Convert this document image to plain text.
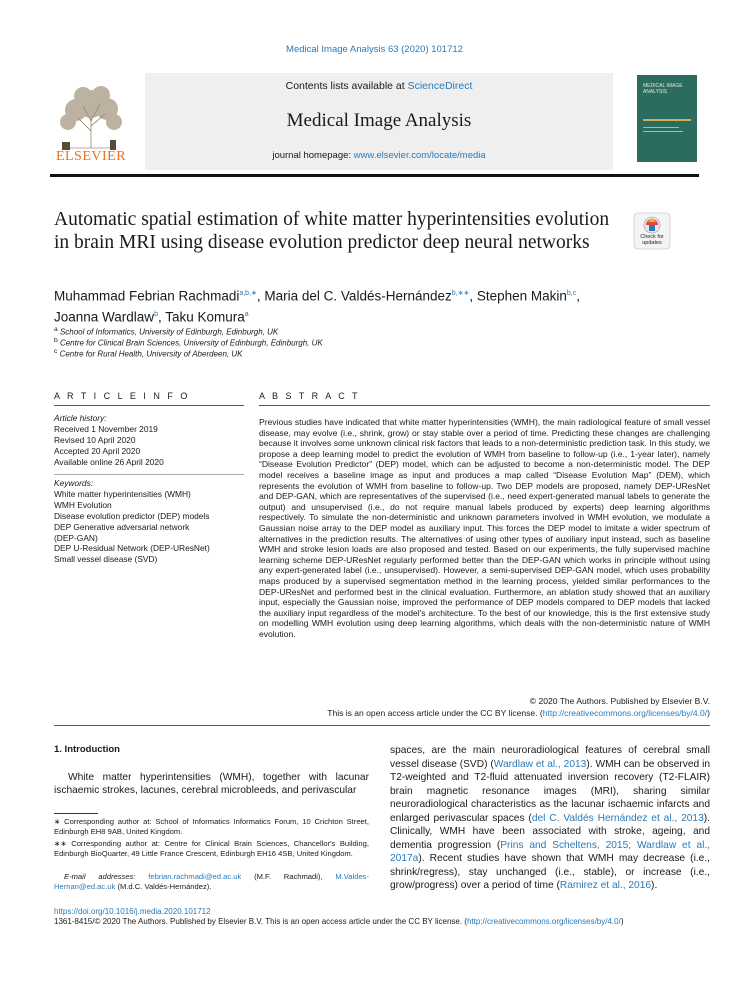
Medical Image Analysis 63 (2020) 101712
Contents lists available at ScienceDirect
Medical Image Analysis
journal homepage: www.elsevier.com/locate/media
ELSEVIER
MEDICAL IMAGE ANALYSIS
Automatic spatial estimation of white matter hyperintensities evolution in brain MRI using disease evolution predictor deep neural networks	Check for updates
Muhammad Febrian Rachmadi$^{a,b,∗}$, Maria del C. Valdés-Hernández$^{b,∗∗}$, Stephen Makin$^{b,c}$,
Joanna Wardlaw$^b$, Taku Komura$^a$
$^a$ School of Informatics, University of Edinburgh, Edinburgh, UK
$^b$ Centre for Clinical Brain Sciences, University of Edinburgh, Edinburgh, UK
$^c$ Centre for Rural Health, University of Aberdeen, UK
A R T I C L E I N F O
Article history:
Received 1 November 2019
Revised 10 April 2020
Accepted 20 April 2020
Available online 26 April 2020
Keywords:
White matter hyperintensities (WMH)
WMH Evolution
Disease evolution predictor (DEP) models
DEP Generative adversarial network
(DEP-GAN)
DEP U-Residual Network (DEP-UResNet)
Small vessel disease (SVD)
A B S T R A C T
Previous studies have indicated that white matter hyperintensities (WMH), the main radiological feature of small vessel disease, may evolve (i.e., shrink, grow) or stay stable over a period of time. Predicting these changes are challenging because it involves some unknown clinical risk factors that leads to a non-deterministic prediction task. In this study, we propose a deep learning model to predict the evolution of WMH from baseline to follow-up (i.e., 1-year later), namely “Disease Evolution Predictor” (DEP) model, which can be adjusted to become a non-deterministic model. The DEP model receives a baseline image as input and produces a map called “Disease Evolution Map” (DEM), which represents the evolution of WMH from baseline to follow-up. Two DEP models are proposed, namely DEP-UResNet and DEP-GAN, which are representatives of the supervised (i.e., need expert-generated manual labels to generate the output) and unsupervised (i.e., do not require manual labels produced by experts) deep learning algorithms respectively. To simulate the non-deterministic and unknown parameters involved in WMH evolution, we modulate a Gaussian noise array to the DEP model as auxiliary input. This forces the DEP model to imitate a wider spectrum of alternatives in the prediction results. The alternatives of using other types of auxiliary input instead, such as baseline WMH and stroke lesion loads are also proposed and tested. Based on our experiments, the fully supervised machine learning scheme DEP-UResNet regularly performed better than the DEP-GAN which works in principle without using any expert-generated label (i.e., unsupervised). However, a semi-supervised DEP-GAN model, which uses probability maps produced by a supervised segmentation method in the learning process, yielded similar performances to the DEP-UResNet and performed best in the clinical evaluation. Furthermore, an ablation study showed that an auxiliary input, especially the Gaussian noise, improved the performance of DEP models compared to DEP models that lacked the auxiliary input regardless of the model's architecture. To the best of our knowledge, this is the first extensive study on modelling WMH evolution using deep learning algorithms, which deals with the non-deterministic nature of WMH evolution.
© 2020 The Authors. Published by Elsevier B.V.
This is an open access article under the CC BY license. (http://creativecommons.org/licenses/by/4.0/)
1. Introduction
White matter hyperintensities (WMH), together with lacunar ischaemic strokes, lacunes, cerebral microbleeds, and perivascular
∗ Corresponding author at: School of Informatics Informatics Forum, 10 Crichton Street, Edinburgh EH8 9AB, United Kingdom.
∗∗ Corresponding author at: Centre for Clinical Brain Sciences, Chancellor's Building, Edinburgh BioQuarter, 49 Little France Crescent, Edinburgh EH16 4SB, United Kingdom.
E-mail addresses: febrian.rachmadi@ed.ac.uk (M.F. Rachmadi), M.Valdes-Hernan@ed.ac.uk (M.d.C. Valdés-Hernández).
spaces, are the main neuroradiological features of cerebral small vessel disease (SVD) (Wardlaw et al., 2013). WMH can be observed in T2-weighted and T2-fluid attenuated inversion recovery (T2-FLAIR) brain magnetic resonance images (MRI), sharing similar neuroradiological characteristics as the lacunar ischaemic infarcts and enlarged perivascular spaces (del C. Valdés Hernández et al., 2013). Clinically, WMH have been associated with stroke, ageing, and dementia progression (Prins and Scheltens, 2015; Wardlaw et al., 2017a). Recent studies have shown that WMH may decrease (i.e., shrink/regress), stay unchanged (i.e., stable), or increase (i.e., grow/progress) over a period of time (Ramirez et al., 2016).
https://doi.org/10.1016/j.media.2020.101712
1361-8415/© 2020 The Authors. Published by Elsevier B.V. This is an open access article under the CC BY license. (http://creativecommons.org/licenses/by/4.0/)
